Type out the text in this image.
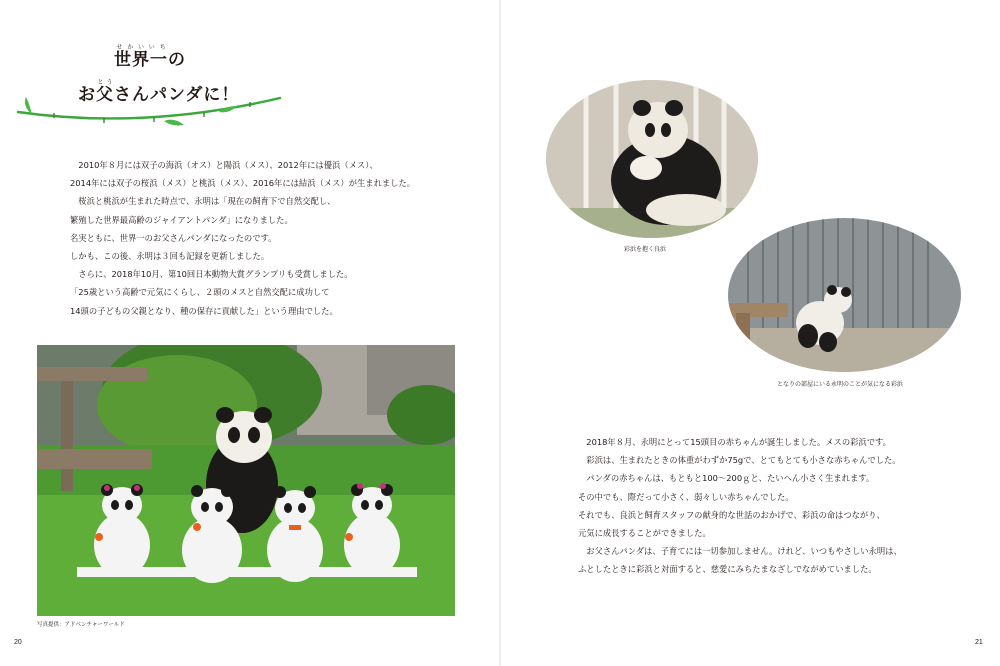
世界一せかいいちの
お父とうさんパンダに！

　2010年８月には双子の海浜（オス）と陽浜（メス）、2012年には優浜（メス）、

2014年には双子の桜浜（メス）と桃浜（メス）、2016年には結浜（メス）が生まれました。

　桜浜と桃浜が生まれた時点で、永明は「現在の飼育下で自然交配し、

繁殖した世界最高齢のジャイアントパンダ」になりました。

名実ともに、世界一のお父さんパンダになったのです。

しかも、この後、永明は３回も記録を更新しました。

　さらに、2018年10月、第10回日本動物大賞グランプリも受賞しました。

「25歳という高齢で元気にくらし、２頭のメスと自然交配に成功して

14頭の子どもの父親となり、種の保存に貢献した」という理由でした。

写真提供：アドベンチャーワールド
彩浜を抱く良浜
となりの部屋にいる永明のことが気になる彩浜

　2018年８月、永明にとって15頭目の赤ちゃんが誕生しました。メスの彩浜です。

　彩浜は、生まれたときの体重がわずか75gで、とてもとても小さな赤ちゃんでした。

　パンダの赤ちゃんは、もともと100～200ｇと、たいへん小さく生まれます。

その中でも、際だって小さく、弱々しい赤ちゃんでした。

それでも、良浜と飼育スタッフの献身的な世話のおかげで、彩浜の命はつながり、

元気に成長することができました。

　お父さんパンダは、子育てには一切参加しません。けれど、いつもやさしい永明は、

ふとしたときに彩浜と対面すると、慈愛にみちたまなざしでながめていました。

20	21
